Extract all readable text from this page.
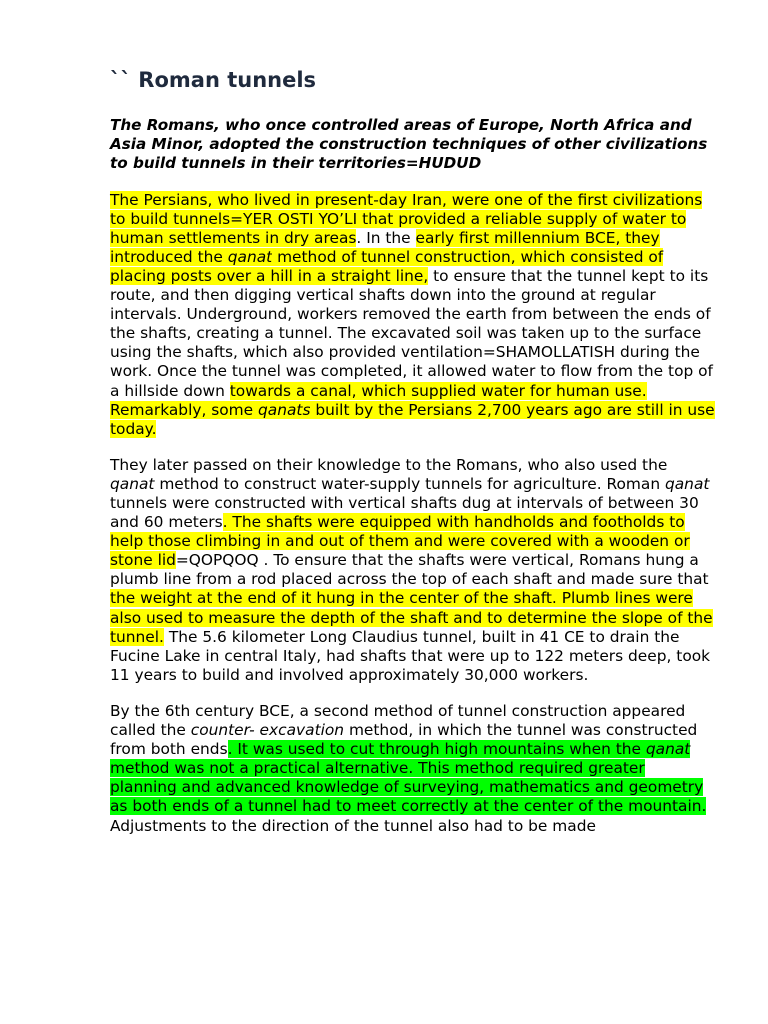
`` Roman tunnels

The Romans, who once controlled areas of Europe, North Africa and Asia Minor, adopted the construction techniques of other civilizations to build tunnels in their territories=HUDUD

The Persians, who lived in present-day Iran, were one of the first civilizations to build tunnels=YER OSTI YO’LI that provided a reliable supply of water to human settlements in dry areas. In the early first millennium BCE, they introduced the qanat method of tunnel construction, which consisted of placing posts over a hill in a straight line, to ensure that the tunnel kept to its route, and then digging vertical shafts down into the ground at regular intervals. Underground, workers removed the earth from between the ends of the shafts, creating a tunnel. The excavated soil was taken up to the surface using the shafts, which also provided ventilation=SHAMOLLATISH during the work. Once the tunnel was completed, it allowed water to flow from the top of a hillside down towards a canal, which supplied water for human use. Remarkably, some qanats built by the Persians 2,700 years ago are still in use today.

They later passed on their knowledge to the Romans, who also used the qanat method to construct water-supply tunnels for agriculture. Roman qanat tunnels were constructed with vertical shafts dug at intervals of between 30 and 60 meters. The shafts were equipped with handholds and footholds to help those climbing in and out of them and were covered with a wooden or stone lid=QOPQOQ . To ensure that the shafts were vertical, Romans hung a plumb line from a rod placed across the top of each shaft and made sure that the weight at the end of it hung in the center of the shaft. Plumb lines were also used to measure the depth of the shaft and to determine the slope of the tunnel. The 5.6 kilometer Long Claudius tunnel, built in 41 CE to drain the Fucine Lake in central Italy, had shafts that were up to 122 meters deep, took 11 years to build and involved approximately 30,000 workers.

By the 6th century BCE, a second method of tunnel construction appeared called the counter- excavation method, in which the tunnel was constructed from both ends. It was used to cut through high mountains when the qanat method was not a practical alternative. This method required greater planning and advanced knowledge of surveying, mathematics and geometry as both ends of a tunnel had to meet correctly at the center of the mountain. Adjustments to the direction of the tunnel also had to be made
